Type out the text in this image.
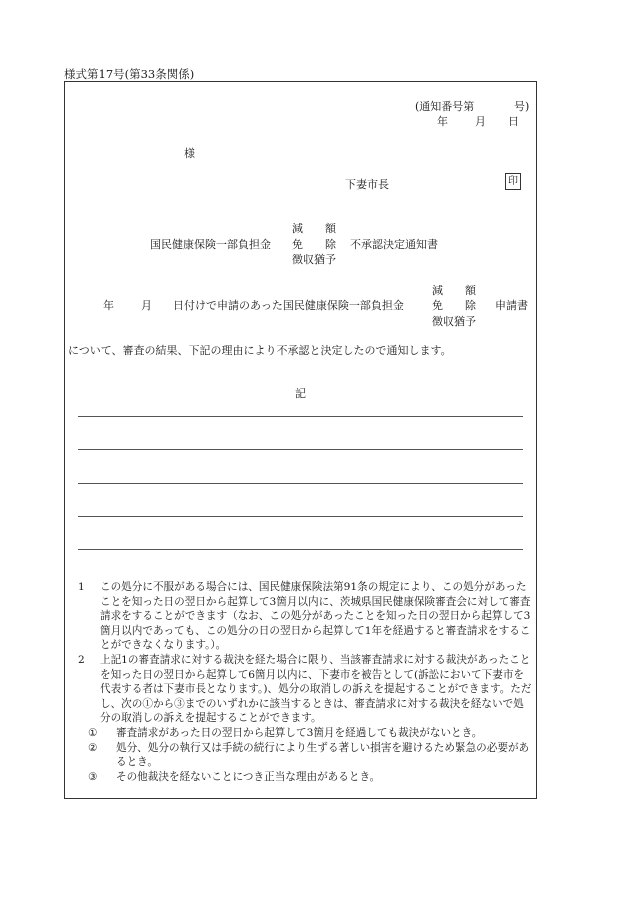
様式第17号(第33条関係)
(通知番号第	号)
年 月 日
様
下妻市長	印
国民健康保険一部負担金
減　　額
免　　除
徴収猶予
不承認決定通知書
年 月 日付けで申請のあった国民健康保険一部負担金
減　　額
免　　除
徴収猶予
申請書
について、審査の結果、下記の理由により不承認と決定したので通知します。
記
1 この処分に不服がある場合には、国民健康保険法第91条の規定により、この処分があったことを知った日の翌日から起算して3箇月以内に、茨城県国民健康保険審査会に対して審査請求をすることができます（なお、この処分があったことを知った日の翌日から起算して3箇月以内であっても、この処分の日の翌日から起算して1年を経過すると審査請求をすることができなくなります。）。
2 上記1の審査請求に対する裁決を経た場合に限り、当該審査請求に対する裁決があったことを知った日の翌日から起算して6箇月以内に、下妻市を被告として(訴訟において下妻市を代表する者は下妻市長となります。)、処分の取消しの訴えを提起することができます。ただし、次の①から③までのいずれかに該当するときは、審査請求に対する裁決を経ないで処分の取消しの訴えを提起することができます。
① 審査請求があった日の翌日から起算して3箇月を経過しても裁決がないとき。
② 処分、処分の執行又は手続の続行により生ずる著しい損害を避けるため緊急の必要があるとき。
③ その他裁決を経ないことにつき正当な理由があるとき。
